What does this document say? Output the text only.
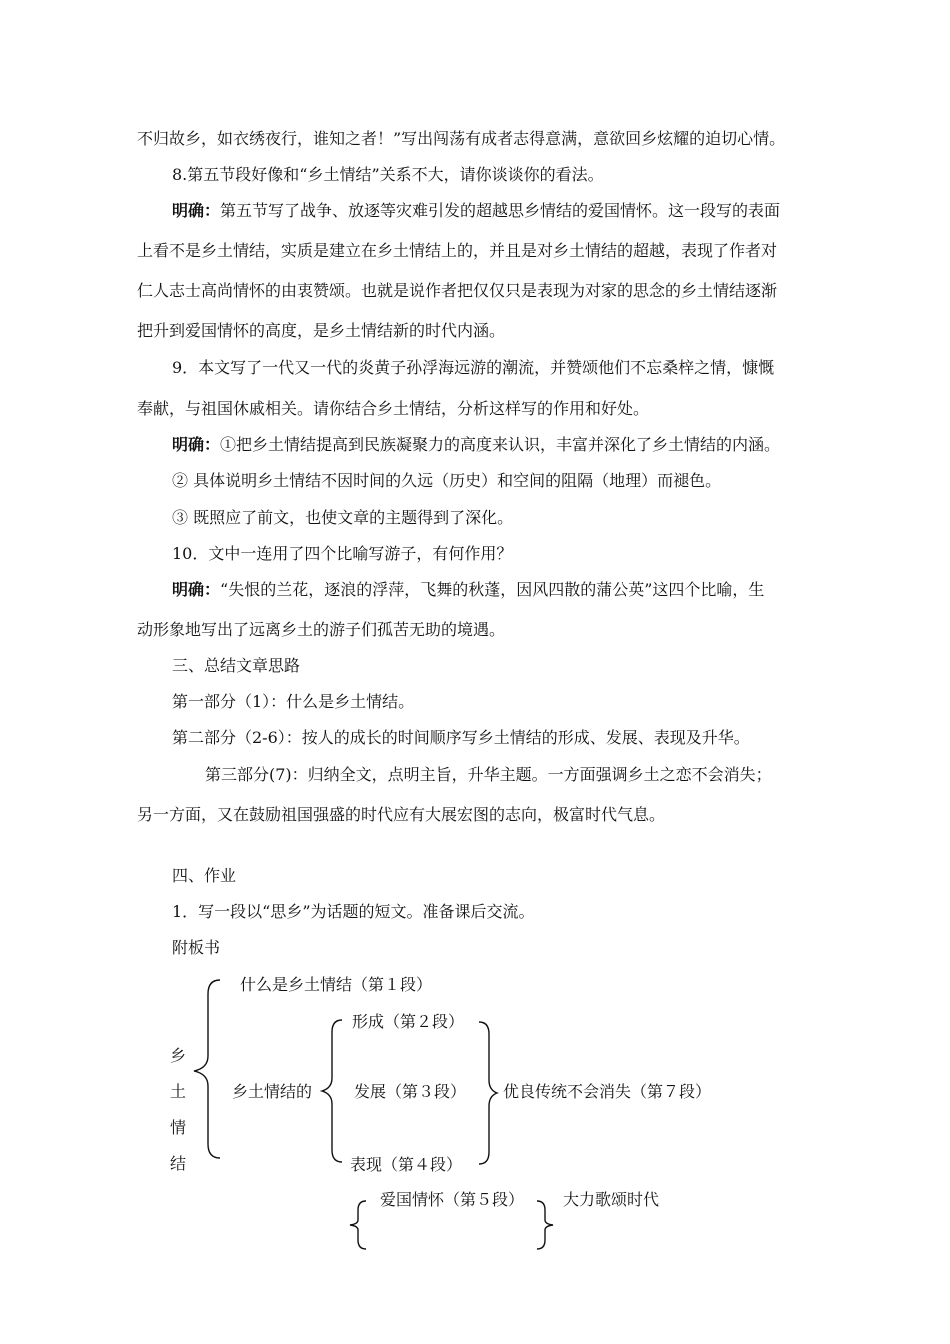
不归故乡，如衣绣夜行，谁知之者！”写出闯荡有成者志得意满，意欲回乡炫耀的迫切心情。
8.第五节段好像和“乡土情结”关系不大，请你谈谈你的看法。
明确：第五节写了战争、放逐等灾难引发的超越思乡情结的爱国情怀。这一段写的表面
上看不是乡土情结，实质是建立在乡土情结上的，并且是对乡土情结的超越，表现了作者对
仁人志士高尚情怀的由衷赞颂。也就是说作者把仅仅只是表现为对家的思念的乡土情结逐渐
把升到爱国情怀的高度，是乡土情结新的时代内涵。
9．本文写了一代又一代的炎黄子孙浮海远游的潮流，并赞颂他们不忘桑梓之情，慷慨
奉献，与祖国休戚相关。请你结合乡土情结，分析这样写的作用和好处。
明确：①把乡土情结提高到民族凝聚力的高度来认识，丰富并深化了乡土情结的内涵。
② 具体说明乡土情结不因时间的久远（历史）和空间的阻隔（地理）而褪色。
③ 既照应了前文，也使文章的主题得到了深化。
10．文中一连用了四个比喻写游子，有何作用？
明确：“失恨的兰花，逐浪的浮萍，飞舞的秋蓬，因风四散的蒲公英”这四个比喻，生
动形象地写出了远离乡土的游子们孤苦无助的境遇。
三、总结文章思路
第一部分（1）：什么是乡土情结。
第二部分（2-6）：按人的成长的时间顺序写乡土情结的形成、发展、表现及升华。
第三部分(7)：归纳全文，点明主旨，升华主题。一方面强调乡土之恋不会消失；
另一方面，又在鼓励祖国强盛的时代应有大展宏图的志向，极富时代气息。
四、作业
1．写一段以“思乡”为话题的短文。准备课后交流。
附板书
乡
土
情
结
什么是乡土情结（第１段）
乡土情结的
形成（第２段）
发展（第３段）
表现（第４段）
优良传统不会消失（第７段）
爱国情怀（第５段） 大力歌颂时代
